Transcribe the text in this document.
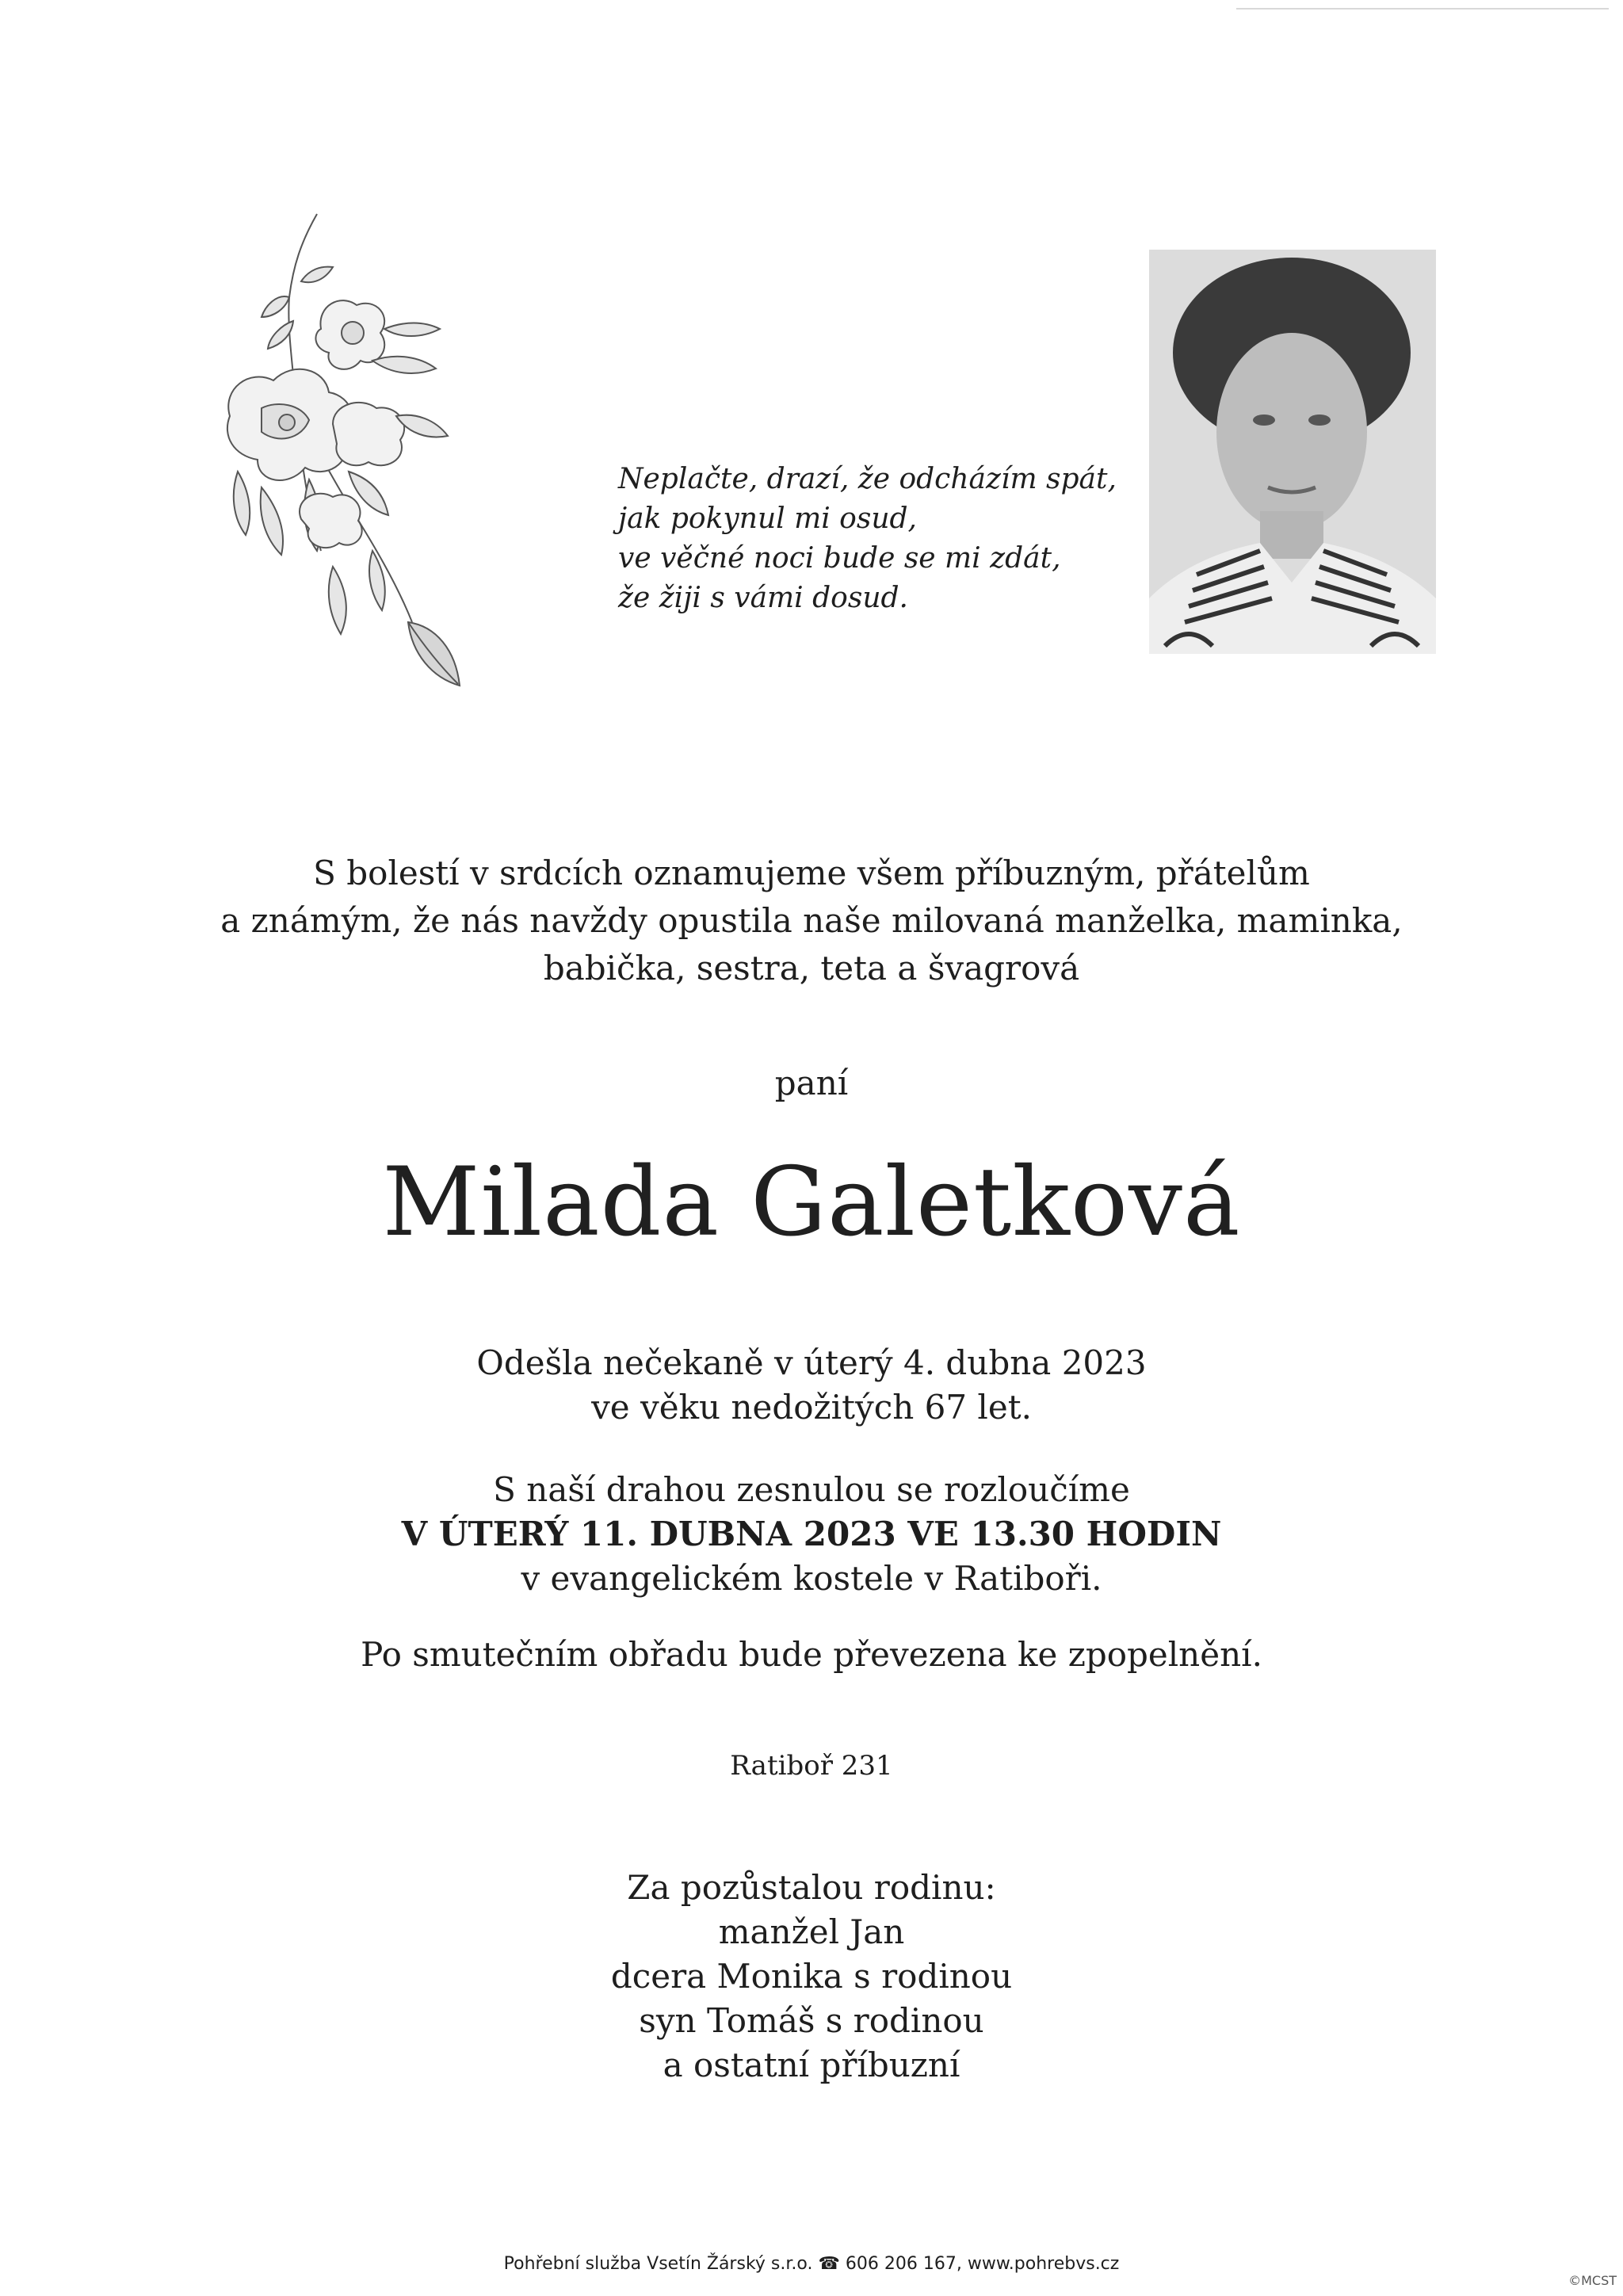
Neplačte, drazí, že odcházím spát,
jak pokynul mi osud,
ve věčné noci bude se mi zdát,
že žiji s vámi dosud.
S bolestí v srdcích oznamujeme všem příbuzným, přátelům
a známým, že nás navždy opustila naše milovaná manželka, maminka,
babička, sestra, teta a švagrová
paní
Milada Galetková
Odešla nečekaně v úterý 4. dubna 2023
ve věku nedožitých 67 let.
S naší drahou zesnulou se rozloučíme
V ÚTERÝ 11. DUBNA 2023 VE 13.30 HODIN
v evangelickém kostele v Ratiboři.
Po smutečním obřadu bude převezena ke zpopelnění.
Ratiboř 231
Za pozůstalou rodinu:
manžel Jan
dcera Monika s rodinou
syn Tomáš s rodinou
a ostatní příbuzní
Pohřební služba Vsetín Žárský s.r.o. ☎ 606 206 167, www.pohrebvs.cz
©MCST
